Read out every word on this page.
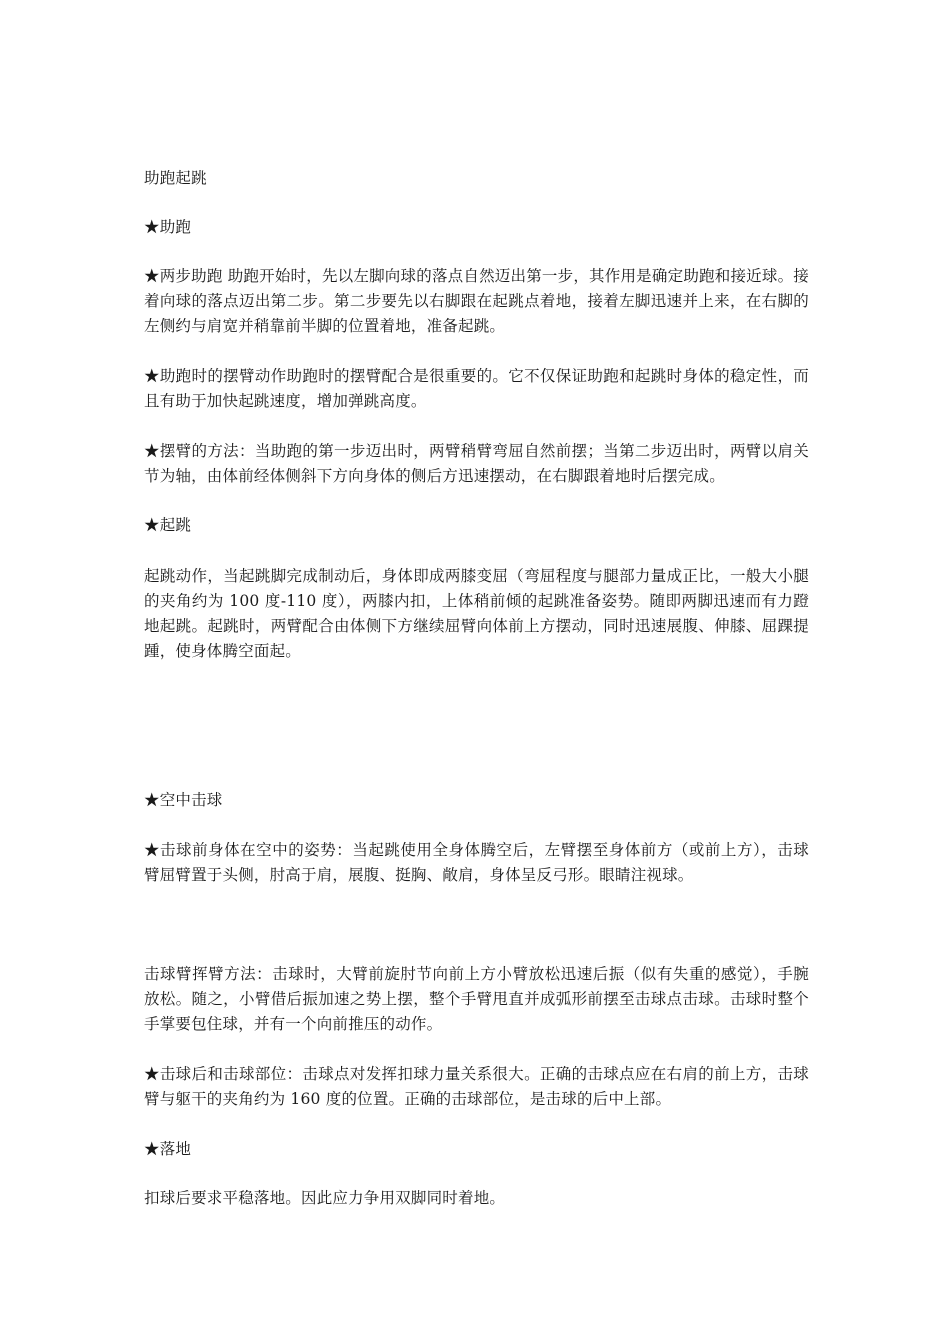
助跑起跳

★助跑

★两步助跑 助跑开始时，先以左脚向球的落点自然迈出第一步，其作用是确定助跑和接近球。接着向球的落点迈出第二步。第二步要先以右脚跟在起跳点着地，接着左脚迅速并上来，在右脚的左侧约与肩宽并稍靠前半脚的位置着地，准备起跳。

★助跑时的摆臂动作助跑时的摆臂配合是很重要的。它不仅保证助跑和起跳时身体的稳定性，而且有助于加快起跳速度，增加弹跳高度。

★摆臂的方法：当助跑的第一步迈出时，两臂稍臂弯屈自然前摆；当第二步迈出时，两臂以肩关节为轴，由体前经体侧斜下方向身体的侧后方迅速摆动，在右脚跟着地时后摆完成。

★起跳

起跳动作，当起跳脚完成制动后，身体即成两膝变屈（弯屈程度与腿部力量成正比，一般大小腿的夹角约为 100 度-110 度），两膝内扣，上体稍前倾的起跳准备姿势。随即两脚迅速而有力蹬地起跳。起跳时，两臂配合由体侧下方继续屈臂向体前上方摆动，同时迅速展腹、伸膝、屈踝提踵，使身体腾空面起。

★空中击球

★击球前身体在空中的姿势：当起跳使用全身体腾空后，左臂摆至身体前方（或前上方），击球臂屈臂置于头侧，肘高于肩，展腹、挺胸、敞肩，身体呈反弓形。眼睛注视球。

击球臂挥臂方法：击球时，大臂前旋肘节向前上方小臂放松迅速后振（似有失重的感觉），手腕放松。随之，小臂借后振加速之势上摆，整个手臂甩直并成弧形前摆至击球点击球。击球时整个手掌要包住球，并有一个向前推压的动作。

★击球后和击球部位：击球点对发挥扣球力量关系很大。正确的击球点应在右肩的前上方，击球臂与躯干的夹角约为 160 度的位置。正确的击球部位，是击球的后中上部。

★落地

扣球后要求平稳落地。因此应力争用双脚同时着地。
